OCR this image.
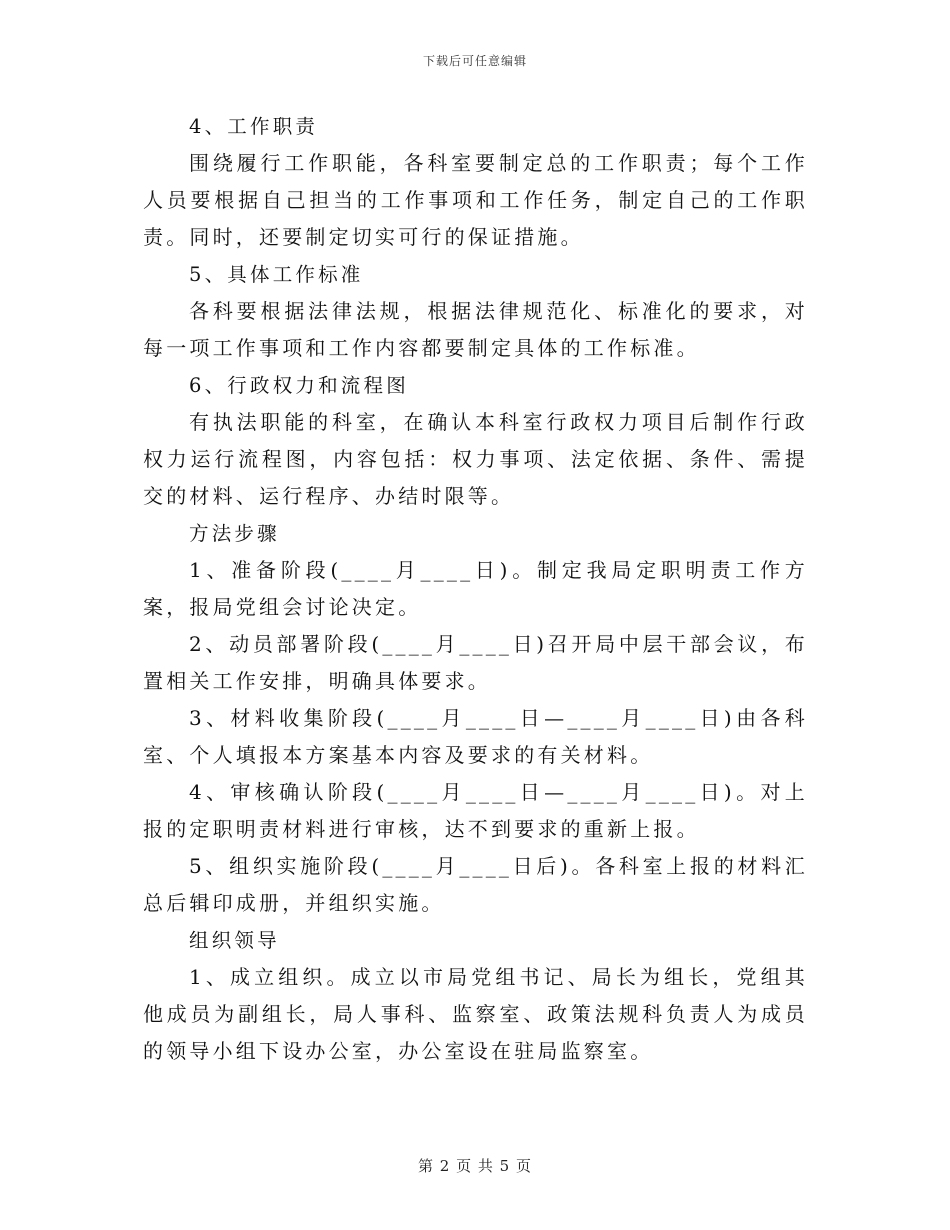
下载后可任意编辑

4、工作职责

围绕履行工作职能，各科室要制定总的工作职责；每个工作人员要根据自己担当的工作事项和工作任务，制定自己的工作职责。同时，还要制定切实可行的保证措施。

5、具体工作标准

各科要根据法律法规，根据法律规范化、标准化的要求，对每一项工作事项和工作内容都要制定具体的工作标准。

6、行政权力和流程图

有执法职能的科室，在确认本科室行政权力项目后制作行政权力运行流程图，内容包括：权力事项、法定依据、条件、需提交的材料、运行程序、办结时限等。

方法步骤

1、准备阶段(____月____日)。制定我局定职明责工作方案，报局党组会讨论决定。

2、动员部署阶段(____月____日)召开局中层干部会议，布置相关工作安排，明确具体要求。

3、材料收集阶段(____月____日—____月____日)由各科室、个人填报本方案基本内容及要求的有关材料。

4、审核确认阶段(____月____日—____月____日)。对上报的定职明责材料进行审核，达不到要求的重新上报。

5、组织实施阶段(____月____日后)。各科室上报的材料汇总后辑印成册，并组织实施。

组织领导

1、成立组织。成立以市局党组书记、局长为组长，党组其他成员为副组长，局人事科、监察室、政策法规科负责人为成员的领导小组下设办公室，办公室设在驻局监察室。

第 2 页 共 5 页
